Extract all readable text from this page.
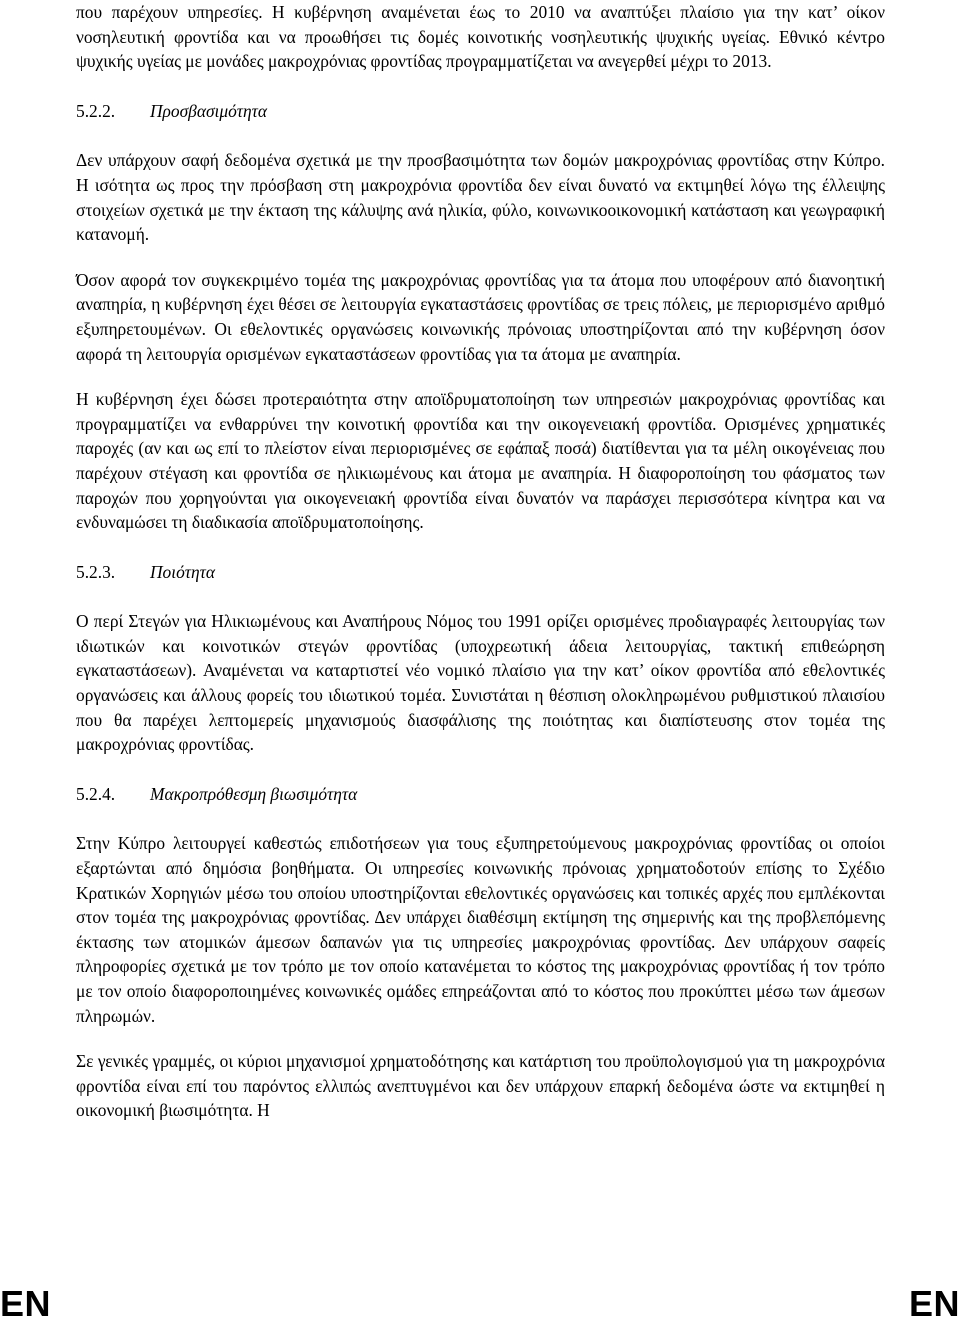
που παρέχουν υπηρεσίες. Η κυβέρνηση αναμένεται έως το 2010 να αναπτύξει πλαίσιο για την κατ’ οίκον νοσηλευτική φροντίδα και να προωθήσει τις δομές κοινοτικής νοσηλευτικής ψυχικής υγείας. Εθνικό κέντρο ψυχικής υγείας με μονάδες μακροχρόνιας φροντίδας προγραμματίζεται να ανεγερθεί μέχρι το 2013.

5.2.2.	Προσβασιμότητα

Δεν υπάρχουν σαφή δεδομένα σχετικά με την προσβασιμότητα των δομών μακροχρόνιας φροντίδας στην Κύπρο. Η ισότητα ως προς την πρόσβαση στη μακροχρόνια φροντίδα δεν είναι δυνατό να εκτιμηθεί λόγω της έλλειψης στοιχείων σχετικά με την έκταση της κάλυψης ανά ηλικία, φύλο, κοινωνικοοικονομική κατάσταση και γεωγραφική κατανομή.

Όσον αφορά τον συγκεκριμένο τομέα της μακροχρόνιας φροντίδας για τα άτομα που υποφέρουν από διανοητική αναπηρία, η κυβέρνηση έχει θέσει σε λειτουργία εγκαταστάσεις φροντίδας σε τρεις πόλεις, με περιορισμένο αριθμό εξυπηρετουμένων. Οι εθελοντικές οργανώσεις κοινωνικής πρόνοιας υποστηρίζονται από την κυβέρνηση όσον αφορά τη λειτουργία ορισμένων εγκαταστάσεων φροντίδας για τα άτομα με αναπηρία.

Η κυβέρνηση έχει δώσει προτεραιότητα στην αποϊδρυματοποίηση των υπηρεσιών μακροχρόνιας φροντίδας και προγραμματίζει να ενθαρρύνει την κοινοτική φροντίδα και την οικογενειακή φροντίδα. Ορισμένες χρηματικές παροχές (αν και ως επί το πλείστον είναι περιορισμένες σε εφάπαξ ποσά) διατίθενται για τα μέλη οικογένειας που παρέχουν στέγαση και φροντίδα σε ηλικιωμένους και άτομα με αναπηρία. Η διαφοροποίηση του φάσματος των παροχών που χορηγούνται για οικογενειακή φροντίδα είναι δυνατόν να παράσχει περισσότερα κίνητρα και να ενδυναμώσει τη διαδικασία αποϊδρυματοποίησης.

5.2.3.	Ποιότητα

Ο περί Στεγών για Ηλικιωμένους και Αναπήρους Νόμος του 1991 ορίζει ορισμένες προδιαγραφές λειτουργίας των ιδιωτικών και κοινοτικών στεγών φροντίδας (υποχρεωτική άδεια λειτουργίας, τακτική επιθεώρηση εγκαταστάσεων). Αναμένεται να καταρτιστεί νέο νομικό πλαίσιο για την κατ’ οίκον φροντίδα από εθελοντικές οργανώσεις και άλλους φορείς του ιδιωτικού τομέα. Συνιστάται η θέσπιση ολοκληρωμένου ρυθμιστικού πλαισίου που θα παρέχει λεπτομερείς μηχανισμούς διασφάλισης της ποιότητας και διαπίστευσης στον τομέα της μακροχρόνιας φροντίδας.

5.2.4.	Μακροπρόθεσμη βιωσιμότητα

Στην Κύπρο λειτουργεί καθεστώς επιδοτήσεων για τους εξυπηρετούμενους μακροχρόνιας φροντίδας οι οποίοι εξαρτώνται από δημόσια βοηθήματα. Οι υπηρεσίες κοινωνικής πρόνοιας χρηματοδοτούν επίσης το Σχέδιο Κρατικών Χορηγιών μέσω του οποίου υποστηρίζονται εθελοντικές οργανώσεις και τοπικές αρχές που εμπλέκονται στον τομέα της μακροχρόνιας φροντίδας. Δεν υπάρχει διαθέσιμη εκτίμηση της σημερινής και της προβλεπόμενης έκτασης των ατομικών άμεσων δαπανών για τις υπηρεσίες μακροχρόνιας φροντίδας. Δεν υπάρχουν σαφείς πληροφορίες σχετικά με τον τρόπο με τον οποίο κατανέμεται το κόστος της μακροχρόνιας φροντίδας ή τον τρόπο με τον οποίο διαφοροποιημένες κοινωνικές ομάδες επηρεάζονται από το κόστος που προκύπτει μέσω των άμεσων πληρωμών.

Σε γενικές γραμμές, οι κύριοι μηχανισμοί χρηματοδότησης και κατάρτιση του προϋπολογισμού για τη μακροχρόνια φροντίδα είναι επί του παρόντος ελλιπώς ανεπτυγμένοι και δεν υπάρχουν επαρκή δεδομένα ώστε να εκτιμηθεί η οικονομική βιωσιμότητα. Η

EN	EN
